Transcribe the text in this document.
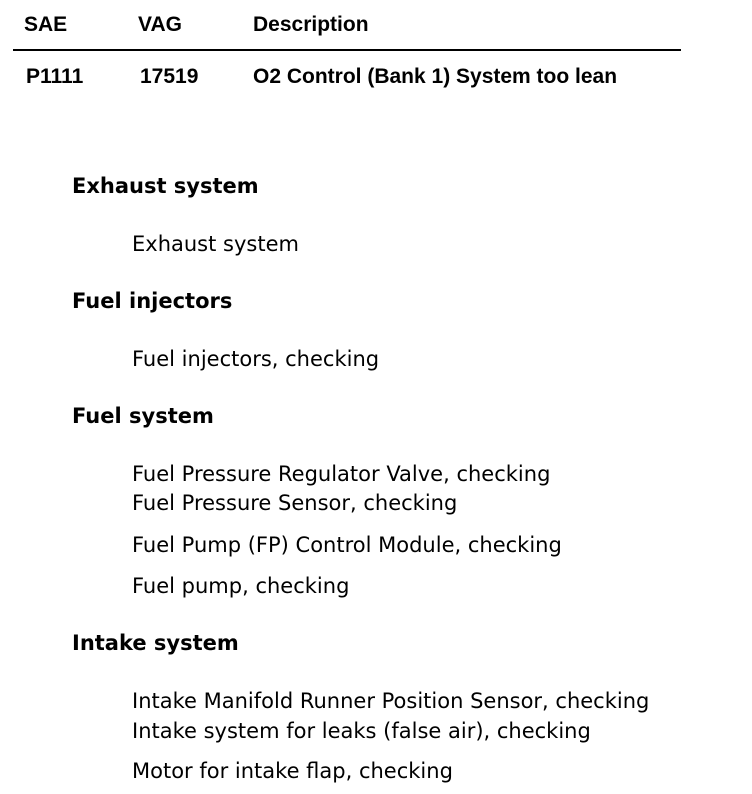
SAE	VAG	Description
P1111	17519	O2 Control (Bank 1) System too lean
Exhaust system
Exhaust system
Fuel injectors
Fuel injectors, checking
Fuel system
Fuel Pressure Regulator Valve, checking
Fuel Pressure Sensor, checking
Fuel Pump (FP) Control Module, checking
Fuel pump, checking
Intake system
Intake Manifold Runner Position Sensor, checking
Intake system for leaks (false air), checking
Motor for intake flap, checking
